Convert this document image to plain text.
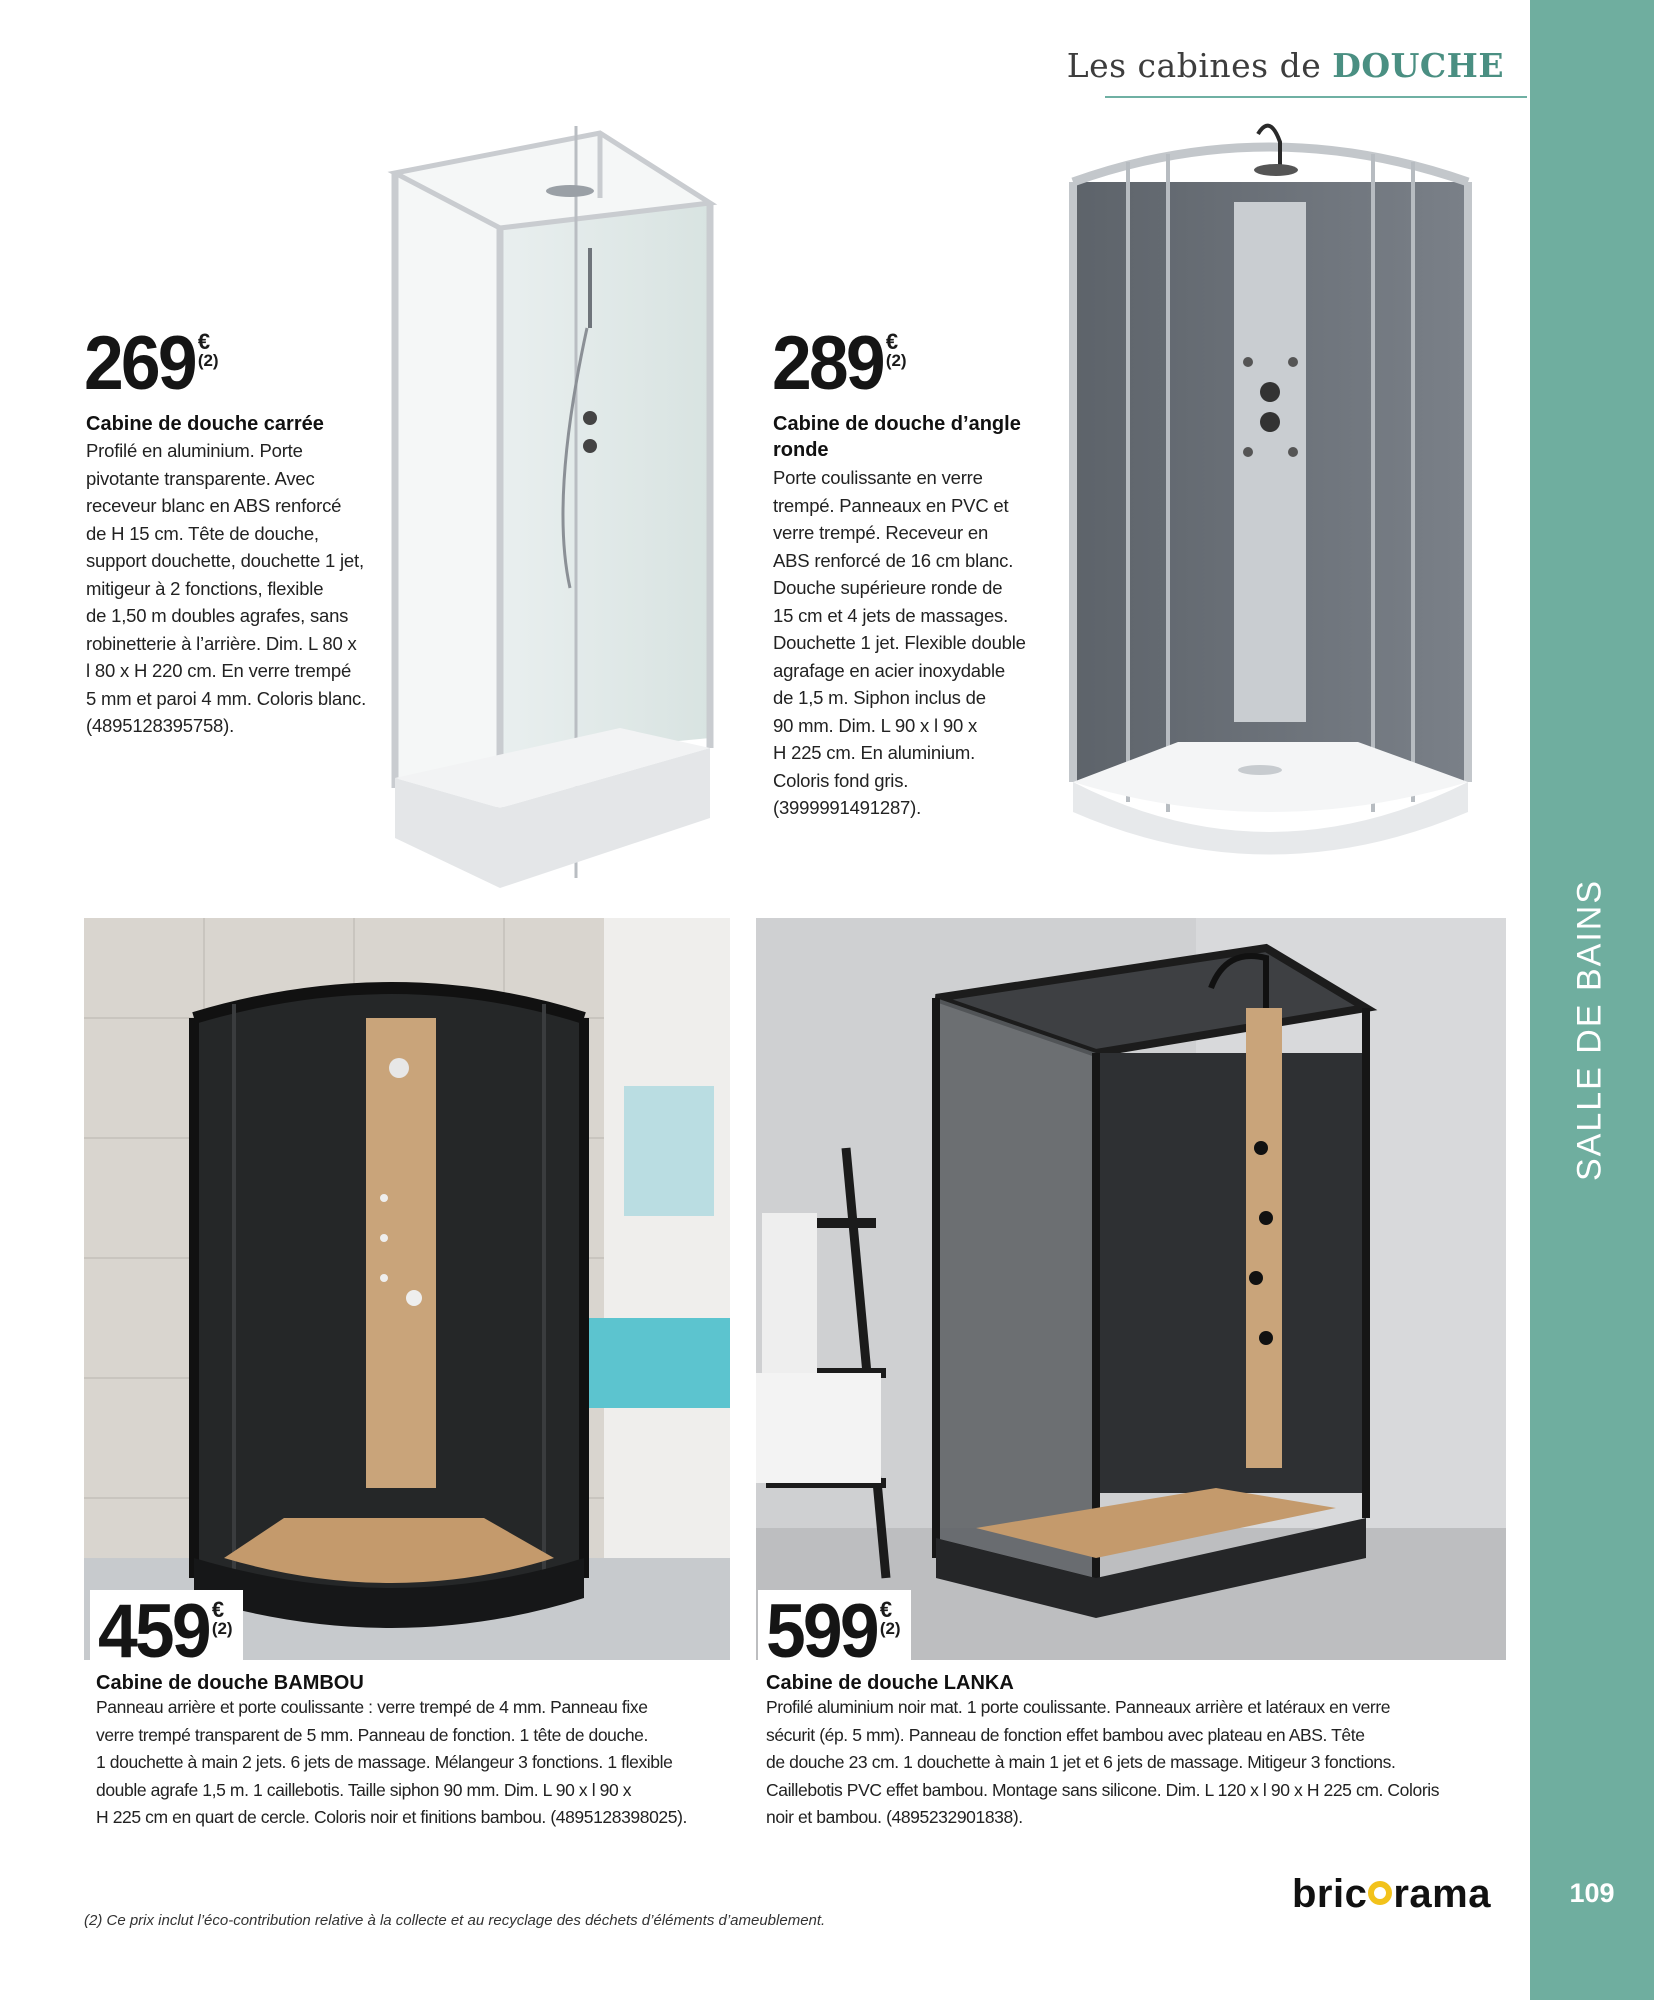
Les cabines de DOUCHE
SALLE DE BAINS
109
269 €
(2)	289 €
(2)
459 €
(2)	599 €
(2)
Cabine de douche carrée
Profilé en aluminium. Porte
pivotante transparente. Avec
receveur blanc en ABS renforcé
de H 15 cm. Tête de douche,
support douchette, douchette 1 jet,
mitigeur à 2 fonctions, flexible
de 1,50 m doubles agrafes, sans
robinetterie à l’arrière. Dim. L 80 x
l 80 x H 220 cm. En verre trempé
5 mm et paroi 4 mm. Coloris blanc.
(4895128395758).
Cabine de douche d’angle
ronde
Porte coulissante en verre
trempé. Panneaux en PVC et
verre trempé. Receveur en
ABS renforcé de 16 cm blanc.
Douche supérieure ronde de
15 cm et 4 jets de massages.
Douchette 1 jet. Flexible double
agrafage en acier inoxydable
de 1,5 m. Siphon inclus de
90 mm. Dim. L 90 x l 90 x
H 225 cm. En aluminium.
Coloris fond gris.
(3999991491287).
Cabine de douche BAMBOU
Panneau arrière et porte coulissante : verre trempé de 4 mm. Panneau fixe
verre trempé transparent de 5 mm. Panneau de fonction. 1 tête de douche.
1 douchette à main 2 jets. 6 jets de massage. Mélangeur 3 fonctions. 1 flexible
double agrafe 1,5 m. 1 caillebotis. Taille siphon 90 mm. Dim. L 90 x l 90 x
H 225 cm en quart de cercle. Coloris noir et finitions bambou. (4895128398025).
Cabine de douche LANKA
Profilé aluminium noir mat. 1 porte coulissante. Panneaux arrière et latéraux en verre
sécurit (ép. 5 mm). Panneau de fonction effet bambou avec plateau en ABS. Tête
de douche 23 cm. 1 douchette à main 1 jet et 6 jets de massage. Mitigeur 3 fonctions.
Caillebotis PVC effet bambou. Montage sans silicone. Dim. L 120 x l 90 x H 225 cm. Coloris
noir et bambou. (4895232901838).
(2) Ce prix inclut l’éco-contribution relative à la collecte et au recyclage des déchets d’éléments d’ameublement.
bric rama
